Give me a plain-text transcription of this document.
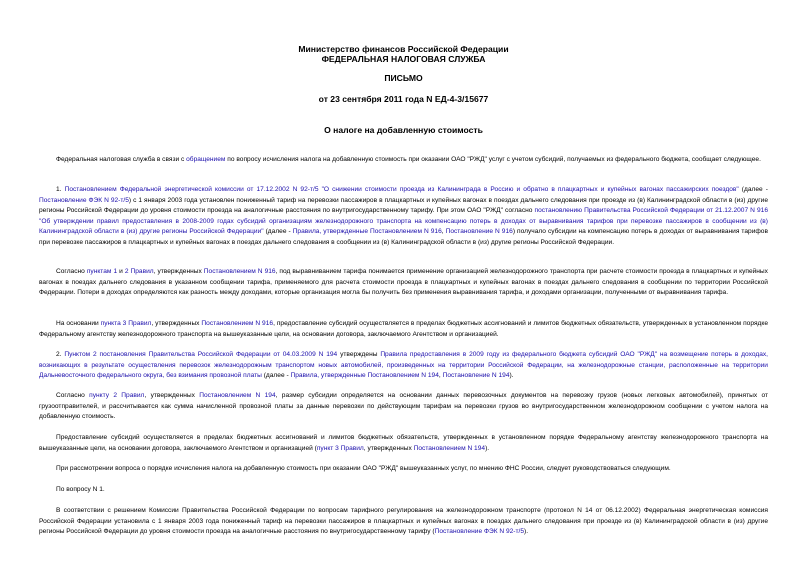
Министерство финансов Российской Федерации
ФЕДЕРАЛЬНАЯ НАЛОГОВАЯ СЛУЖБА
ПИСЬМО
от 23 сентября 2011 года N ЕД-4-3/15677
О налоге на добавленную стоимость

Федеральная налоговая служба в связи с обращением по вопросу исчисления налога на добавленную стоимость при оказании ОАО "РЖД" услуг с учетом субсидий, получаемых из федерального бюджета, сообщает следующее.

1. Постановлением Федеральной энергетической комиссии от 17.12.2002 N 92-т/5 "О снижении стоимости проезда из Калининграда в Россию и обратно в плацкартных и купейных вагонах пассажирских поездов" (далее - Постановление ФЭК N 92-т/5) с 1 января 2003 года установлен пониженный тариф на перевозки пассажиров в плацкартных и купейных вагонах в поездах дальнего следования при проезде из (в) Калининградской области в (из) другие регионы Российской Федерации до уровня стоимости проезда на аналогичные расстояния по внутригосударственному тарифу. При этом ОАО "РЖД" согласно постановлению Правительства Российской Федерации от 21.12.2007 N 916 "Об утверждении правил предоставления в 2008-2009 годах субсидий организациям железнодорожного транспорта на компенсацию потерь в доходах от выравнивания тарифов при перевозке пассажиров в сообщении из (в) Калининградской области в (из) другие регионы Российской Федерации" (далее - Правила, утвержденные Постановлением N 916, Постановление N 916) получало субсидии на компенсацию потерь в доходах от выравнивания тарифов при перевозке пассажиров в плацкартных и купейных вагонах в поездах дальнего следования в сообщении из (в) Калининградской области в (из) другие регионы Российской Федерации.

Согласно пунктам 1 и 2 Правил, утвержденных Постановлением N 916, под выравниванием тарифа понимается применение организацией железнодорожного транспорта при расчете стоимости проезда в плацкартных и купейных вагонах в поездах дальнего следования в указанном сообщении тарифа, применяемого для расчета стоимости проезда в плацкартных и купейных вагонах в поездах дальнего следования в сообщении по территории Российской Федерации. Потери в доходах определяются как разность между доходами, которые организация могла бы получить без применения выравнивания тарифа, и доходами организации, полученными от выравнивания тарифа.

На основании пункта 3 Правил, утвержденных Постановлением N 916, предоставление субсидий осуществляется в пределах бюджетных ассигнований и лимитов бюджетных обязательств, утвержденных в установленном порядке Федеральному агентству железнодорожного транспорта на вышеуказанные цели, на основании договора, заключаемого Агентством и организацией.

2. Пунктом 2 постановления Правительства Российской Федерации от 04.03.2009 N 194 утверждены Правила предоставления в 2009 году из федерального бюджета субсидий ОАО "РЖД" на возмещение потерь в доходах, возникающих в результате осуществления перевозок железнодорожным транспортом новых автомобилей, произведенных на территории Российской Федерации, на железнодорожные станции, расположенные на территории Дальневосточного федерального округа, без взимания провозной платы (далее - Правила, утвержденные Постановлением N 194, Постановление N 194).

Согласно пункту 2 Правил, утвержденных Постановлением N 194, размер субсидии определяется на основании данных перевозочных документов на перевозку грузов (новых легковых автомобилей), принятых от грузоотправителей, и рассчитывается как сумма начисленной провозной платы за данные перевозки по действующим тарифам на перевозки грузов во внутригосударственном железнодорожном сообщении с учетом налога на добавленную стоимость.

Предоставление субсидий осуществляется в пределах бюджетных ассигнований и лимитов бюджетных обязательств, утвержденных в установленном порядке Федеральному агентству железнодорожного транспорта на вышеуказанные цели, на основании договора, заключаемого Агентством и организацией (пункт 3 Правил, утвержденных Постановлением N 194).

При рассмотрении вопроса о порядке исчисления налога на добавленную стоимость при оказании ОАО "РЖД" вышеуказанных услуг, по мнению ФНС России, следует руководствоваться следующим.

По вопросу N 1.

В соответствии с решением Комиссии Правительства Российской Федерации по вопросам тарифного регулирования на железнодорожном транспорте (протокол N 14 от 06.12.2002) Федеральная энергетическая комиссия Российской Федерации установила с 1 января 2003 года пониженный тариф на перевозки пассажиров в плацкартных и купейных вагонах в поездах дальнего следования при проезде из (в) Калининградской области в (из) другие регионы Российской Федерации до уровня стоимости проезда на аналогичные расстояния по внутригосударственному тарифу (Постановление ФЭК N 92-т/5).
